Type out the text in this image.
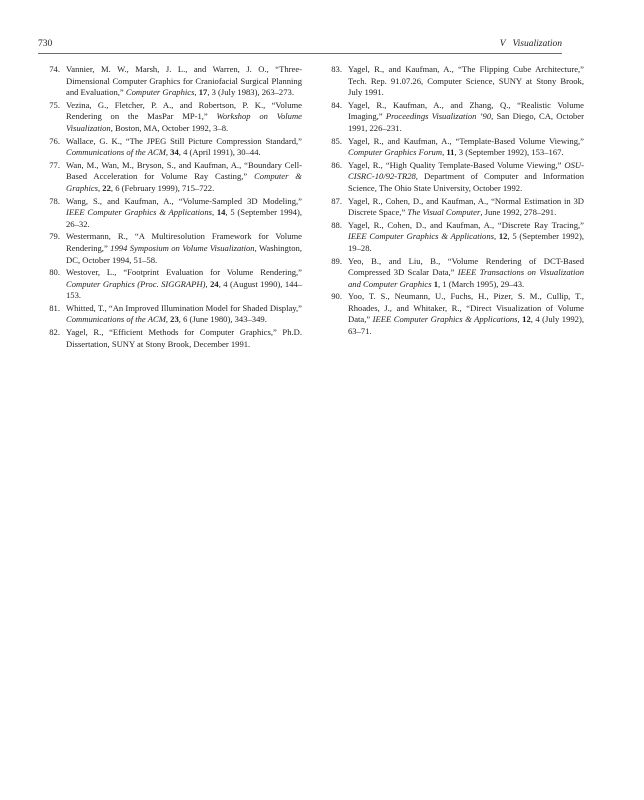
730	V   Visualization
74. Vannier, M. W., Marsh, J. L., and Warren, J. O., “Three-Dimensional Computer Graphics for Craniofacial Surgical Planning and Evaluation,” Computer Graphics, 17, 3 (July 1983), 263–273.
75. Vezina, G., Fletcher, P. A., and Robertson, P. K., “Volume Rendering on the MasPar MP-1,” Workshop on Volume Visualization, Boston, MA, October 1992, 3–8.
76. Wallace, G. K., “The JPEG Still Picture Compression Standard,” Communications of the ACM, 34, 4 (April 1991), 30–44.
77. Wan, M., Wan, M., Bryson, S., and Kaufman, A., “Boundary Cell-Based Acceleration for Volume Ray Casting,” Computer & Graphics, 22, 6 (February 1999), 715–722.
78. Wang, S., and Kaufman, A., “Volume-Sampled 3D Modeling,” IEEE Computer Graphics & Applications, 14, 5 (September 1994), 26–32.
79. Westermann, R., “A Multiresolution Framework for Volume Rendering,” 1994 Symposium on Volume Visualization, Washington, DC, October 1994, 51–58.
80. Westover, L., “Footprint Evaluation for Volume Rendering,” Computer Graphics (Proc. SIGGRAPH), 24, 4 (August 1990), 144–153.
81. Whitted, T., “An Improved Illumination Model for Shaded Display,” Communications of the ACM, 23, 6 (June 1980), 343–349.
82. Yagel, R., “Efficient Methods for Computer Graphics,” Ph.D. Dissertation, SUNY at Stony Brook, December 1991.
83. Yagel, R., and Kaufman, A., “The Flipping Cube Architecture,” Tech. Rep. 91.07.26, Computer Science, SUNY at Stony Brook, July 1991.
84. Yagel, R., Kaufman, A., and Zhang, Q., “Realistic Volume Imaging,” Proceedings Visualization ’90, San Diego, CA, October 1991, 226–231.
85. Yagel, R., and Kaufman, A., “Template-Based Volume Viewing,” Computer Graphics Forum, 11, 3 (September 1992), 153–167.
86. Yagel, R., “High Quality Template-Based Volume Viewing,” OSU-CISRC-10/92-TR28, Department of Computer and Information Science, The Ohio State University, October 1992.
87. Yagel, R., Cohen, D., and Kaufman, A., “Normal Estimation in 3D Discrete Space,” The Visual Computer, June 1992, 278–291.
88. Yagel, R., Cohen, D., and Kaufman, A., “Discrete Ray Tracing,” IEEE Computer Graphics & Applications, 12, 5 (September 1992), 19–28.
89. Yeo, B., and Liu, B., “Volume Rendering of DCT-Based Compressed 3D Scalar Data,” IEEE Transactions on Visualization and Computer Graphics 1, 1 (March 1995), 29–43.
90. Yoo, T. S., Neumann, U., Fuchs, H., Pizer, S. M., Cullip, T., Rhoades, J., and Whitaker, R., “Direct Visualization of Volume Data,” IEEE Computer Graphics & Applications, 12, 4 (July 1992), 63–71.
